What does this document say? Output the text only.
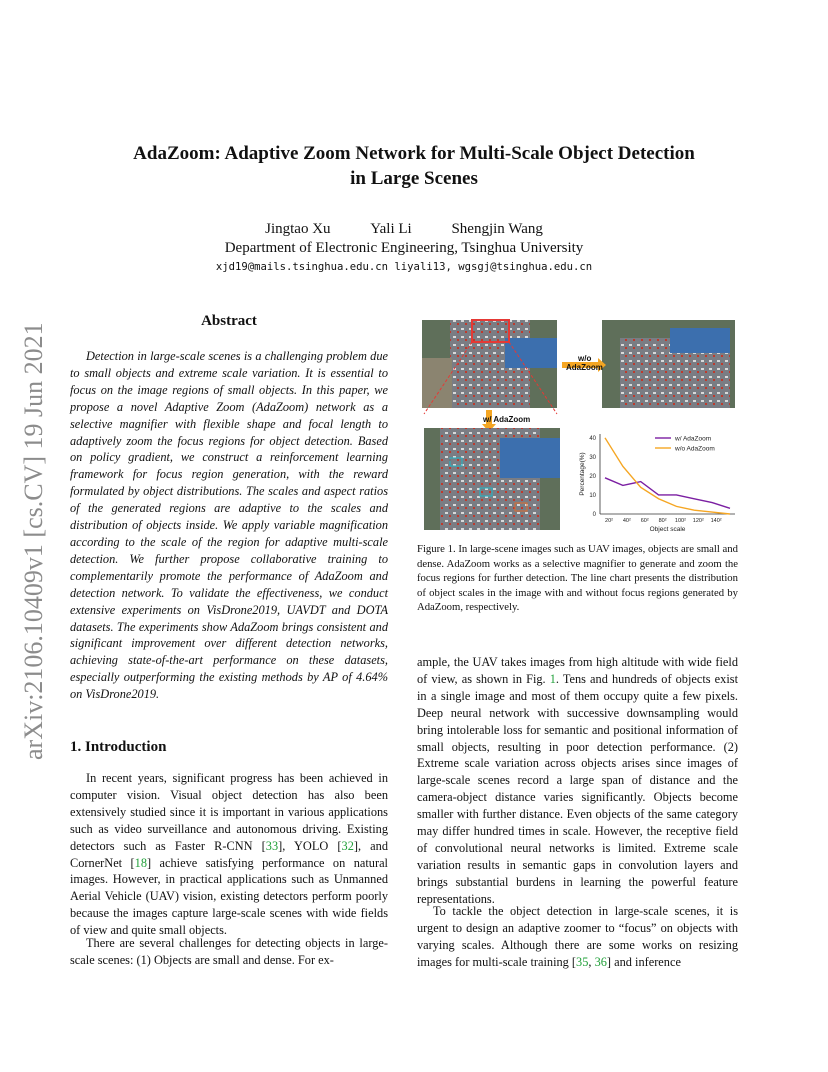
arXiv:2106.10409v1 [cs.CV] 19 Jun 2021
AdaZoom: Adaptive Zoom Network for Multi-Scale Object Detection
in Large Scenes
Jingtao Xu	Yali Li	Shengjin Wang
Department of Electronic Engineering, Tsinghua University
xjd19@mails.tsinghua.edu.cn liyali13, wgsgj@tsinghua.edu.cn
Abstract
Detection in large-scale scenes is a challenging problem due to small objects and extreme scale variation. It is essential to focus on the image regions of small objects. In this paper, we propose a novel Adaptive Zoom (AdaZoom) network as a selective magnifier with flexible shape and focal length to adaptively zoom the focus regions for object detection. Based on policy gradient, we construct a reinforcement learning framework for focus region generation, with the reward formulated by object distributions. The scales and aspect ratios of the generated regions are adaptive to the scales and distribution of objects inside. We apply variable magnification according to the scale of the region for adaptive multi-scale detection. We further propose collaborative training to complementarily promote the performance of AdaZoom and detection network. To validate the effectiveness, we conduct extensive experiments on VisDrone2019, UAVDT and DOTA datasets. The experiments show AdaZoom brings consistent and significant improvement over different detection networks, achieving state-of-the-art performance on these datasets, especially outperforming the existing methods by AP of 4.64% on VisDrone2019.
1. Introduction
In recent years, significant progress has been achieved in computer vision. Visual object detection has also been extensively studied since it is important in various applications such as video surveillance and autonomous driving. Existing detectors such as Faster R-CNN [33], YOLO [32], and CornerNet [18] achieve satisfying performance on natural images. However, in practical applications such as Unmanned Aerial Vehicle (UAV) vision, existing detectors perform poorly because the images capture large-scale scenes with wide fields of view and quite small objects.
There are several challenges for detecting objects in large-scale scenes: (1) Objects are small and dense. For ex-
0
10
20
30
40
20² 40² 60² 80² 100² 120² 140²
Object scale
Percentage(%)
w/ AdaZoom
w/o AdaZoom
w/o
AdaZoom
w/ AdaZoom
Figure 1. In large-scene images such as UAV images, objects are small and dense. AdaZoom works as a selective magnifier to generate and zoom the focus regions for further detection. The line chart presents the distribution of object scales in the image with and without focus regions generated by AdaZoom, respectively.
ample, the UAV takes images from high altitude with wide field of view, as shown in Fig. 1. Tens and hundreds of objects exist in a single image and most of them occupy quite a few pixels. Deep neural network with successive downsampling would bring intolerable loss for semantic and positional information of small objects, resulting in poor detection performance. (2) Extreme scale variation across objects arises since images of large-scale scenes record a large span of distance and the camera-object distance varies significantly. Objects become smaller with further distance. Even objects of the same category may differ hundred times in scale. However, the receptive field of convolutional neural networks is limited. Extreme scale variation results in semantic gaps in convolution layers and brings substantial burdens in learning the powerful feature representations.
To tackle the object detection in large-scale scenes, it is urgent to design an adaptive zoomer to “focus” on objects with varying scales. Although there are some works on resizing images for multi-scale training [35, 36] and inference
